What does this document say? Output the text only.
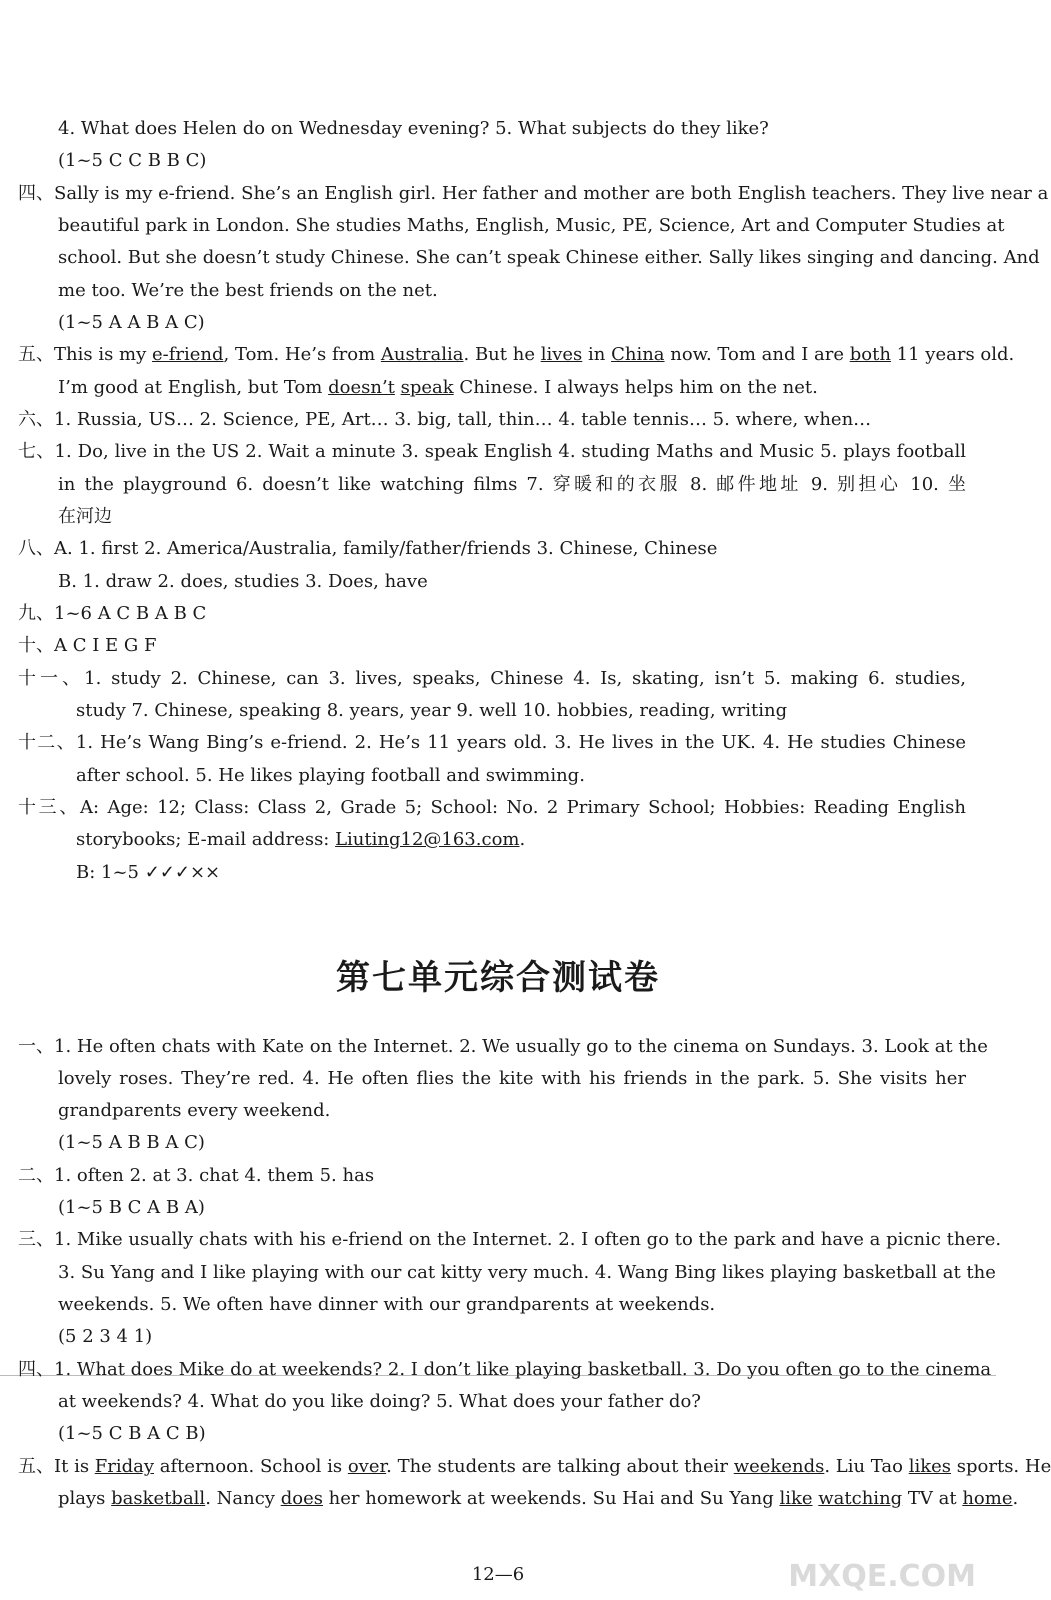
4. What does Helen do on Wednesday evening? 5. What subjects do they like?
(1~5 C C B B C)
四、Sally is my e-friend. She’s an English girl. Her father and mother are both English teachers. They live near a
beautiful park in London. She studies Maths, English, Music, PE, Science, Art and Computer Studies at
school. But she doesn’t study Chinese. She can’t speak Chinese either. Sally likes singing and dancing. And
me too. We’re the best friends on the net.
(1~5 A A B A C)
五、This is my e-friend, Tom. He’s from Australia. But he lives in China now. Tom and I are both 11 years old.
I’m good at English, but Tom doesn’t speak Chinese. I always helps him on the net.
六、1. Russia, US… 2. Science, PE, Art… 3. big, tall, thin… 4. table tennis… 5. where, when…
七、1. Do, live in the US 2. Wait a minute 3. speak English 4. studing Maths and Music 5. plays football
in the playground 6. doesn’t like watching films 7. 穿暖和的衣服 8. 邮件地址 9. 别担心 10. 坐
在河边
八、A. 1. first 2. America/Australia, family/father/friends 3. Chinese, Chinese
B. 1. draw 2. does, studies 3. Does, have
九、1~6 A C B A B C
十、A C I E G F
十一、1. study 2. Chinese, can 3. lives, speaks, Chinese 4. Is, skating, isn’t 5. making 6. studies,
study 7. Chinese, speaking 8. years, year 9. well 10. hobbies, reading, writing
十二、1. He’s Wang Bing’s e-friend. 2. He’s 11 years old. 3. He lives in the UK. 4. He studies Chinese
after school. 5. He likes playing football and swimming.
十三、A: Age: 12; Class: Class 2, Grade 5; School: No. 2 Primary School; Hobbies: Reading English
storybooks; E-mail address: Liuting12@163.com.
B: 1~5 ✓✓✓××
第七单元综合测试卷
一、1. He often chats with Kate on the Internet. 2. We usually go to the cinema on Sundays. 3. Look at the
lovely roses. They’re red. 4. He often flies the kite with his friends in the park. 5. She visits her
grandparents every weekend.
(1~5 A B B A C)
二、1. often 2. at 3. chat 4. them 5. has
(1~5 B C A B A)
三、1. Mike usually chats with his e-friend on the Internet. 2. I often go to the park and have a picnic there.
3. Su Yang and I like playing with our cat kitty very much. 4. Wang Bing likes playing basketball at the
weekends. 5. We often have dinner with our grandparents at weekends.
(5 2 3 4 1)
四、1. What does Mike do at weekends? 2. I don’t like playing basketball. 3. Do you often go to the cinema
at weekends? 4. What do you like doing? 5. What does your father do?
(1~5 C B A C B)
五、It is Friday afternoon. School is over. The students are talking about their weekends. Liu Tao likes sports. He
plays basketball. Nancy does her homework at weekends. Su Hai and Su Yang like watching TV at home.
12—6	MXQE.COM
